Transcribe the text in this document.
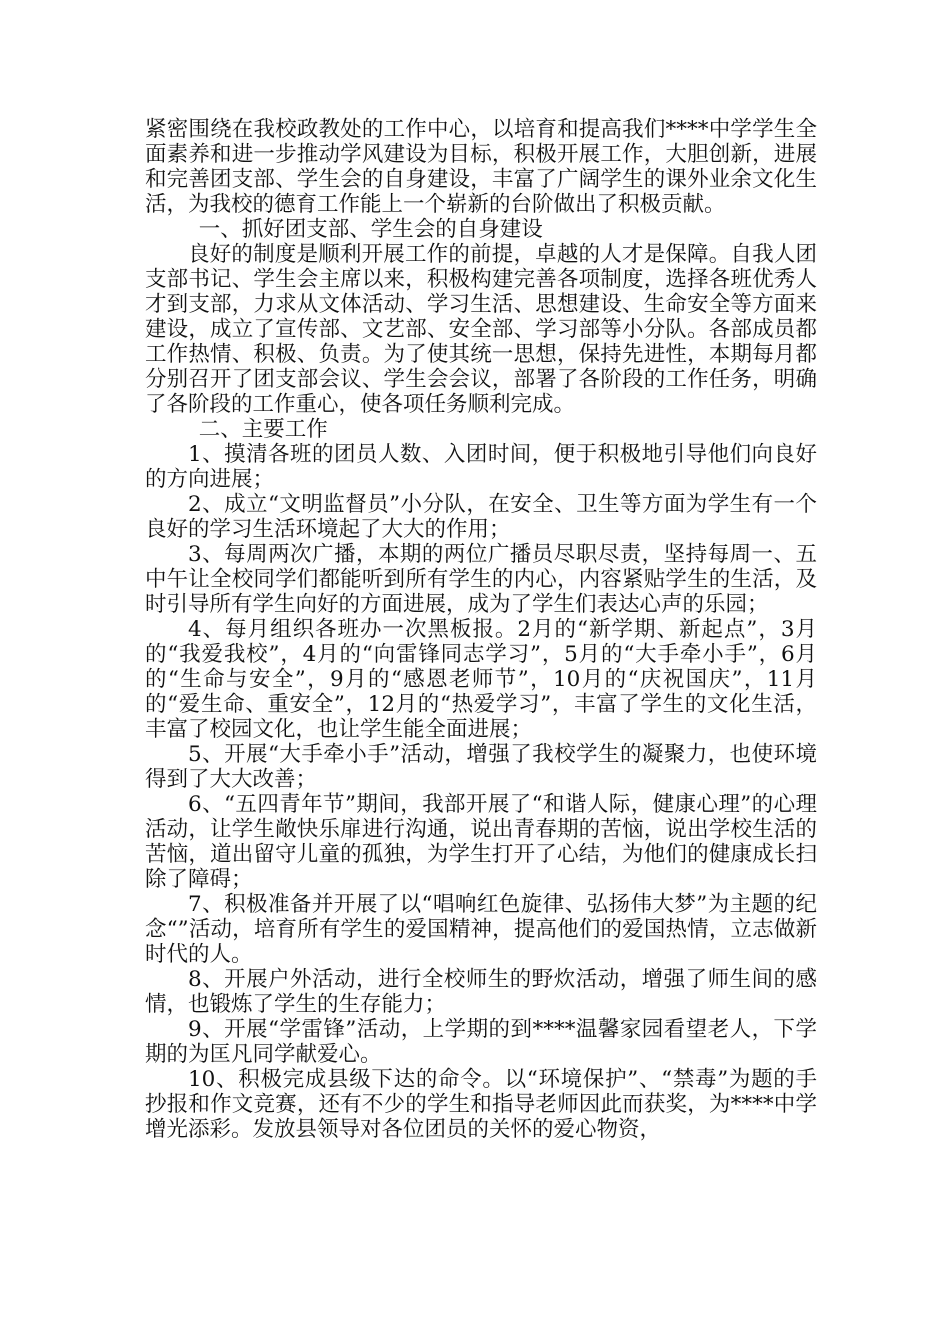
紧密围绕在我校政教处的工作中心，以培育和提高我们****中学学生全面素养和进一步推动学风建设为目标，积极开展工作，大胆创新，进展和完善团支部、学生会的自身建设，丰富了广阔学生的课外业余文化生活，为我校的德育工作能上一个崭新的台阶做出了积极贡献。

一、抓好团支部、学生会的自身建设

良好的制度是顺利开展工作的前提，卓越的人才是保障。自我人团支部书记、学生会主席以来，积极构建完善各项制度，选择各班优秀人才到支部，力求从文体活动、学习生活、思想建设、生命安全等方面来建设，成立了宣传部、文艺部、安全部、学习部等小分队。各部成员都工作热情、积极、负责。为了使其统一思想，保持先进性，本期每月都分别召开了团支部会议、学生会会议，部署了各阶段的工作任务，明确了各阶段的工作重心，使各项任务顺利完成。

二、主要工作

1、摸清各班的团员人数、入团时间，便于积极地引导他们向良好的方向进展；

2、成立“文明监督员”小分队，在安全、卫生等方面为学生有一个良好的学习生活环境起了大大的作用；

3、每周两次广播，本期的两位广播员尽职尽责，坚持每周一、五中午让全校同学们都能听到所有学生的内心，内容紧贴学生的生活，及时引导所有学生向好的方面进展，成为了学生们表达心声的乐园；

4、每月组织各班办一次黑板报。2月的“新学期、新起点”，3月的“我爱我校”，4月的“向雷锋同志学习”，5月的“大手牵小手”，6月的“生命与安全”，9月的“感恩老师节”，10月的“庆祝国庆”，11月的“爱生命、重安全”，12月的“热爱学习”，丰富了学生的文化生活，丰富了校园文化，也让学生能全面进展；

5、开展“大手牵小手”活动，增强了我校学生的凝聚力，也使环境得到了大大改善；

6、“五四青年节”期间，我部开展了“和谐人际，健康心理”的心理活动，让学生敞快乐扉进行沟通，说出青春期的苦恼，说出学校生活的苦恼，道出留守儿童的孤独，为学生打开了心结，为他们的健康成长扫除了障碍；

7、积极准备并开展了以“唱响红色旋律、弘扬伟大梦”为主题的纪念“”活动，培育所有学生的爱国精神，提高他们的爱国热情，立志做新时代的人。

8、开展户外活动，进行全校师生的野炊活动，增强了师生间的感情，也锻炼了学生的生存能力；

9、开展“学雷锋”活动，上学期的到****温馨家园看望老人，下学期的为匡凡同学献爱心。

10、积极完成县级下达的命令。以“环境保护”、“禁毒”为题的手抄报和作文竞赛，还有不少的学生和指导老师因此而获奖，为****中学增光添彩。发放县领导对各位团员的关怀的爱心物资，
